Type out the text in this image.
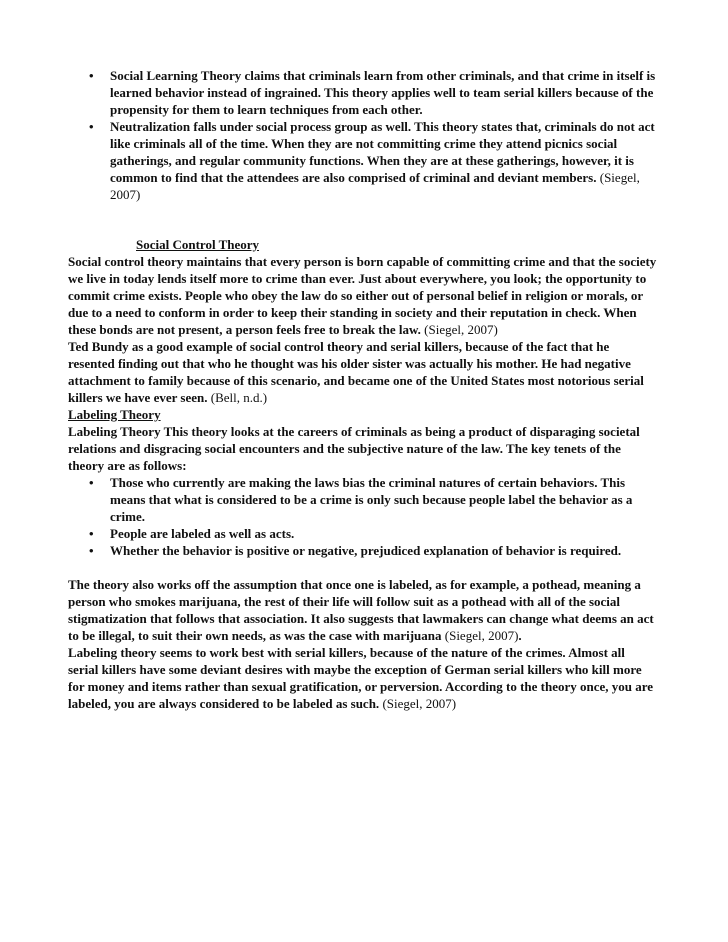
• Social Learning Theory claims that criminals learn from other criminals, and that crime in itself is learned behavior instead of ingrained. This theory applies well to team serial killers because of the propensity for them to learn techniques from each other.
• Neutralization falls under social process group as well. This theory states that, criminals do not act like criminals all of the time. When they are not committing crime they attend picnics social gatherings, and regular community functions. When they are at these gatherings, however, it is common to find that the attendees are also comprised of criminal and deviant members. (Siegel, 2007)

Social Control Theory

Social control theory maintains that every person is born capable of committing crime and that the society we live in today lends itself more to crime than ever. Just about everywhere, you look; the opportunity to commit crime exists. People who obey the law do so either out of personal belief in religion or morals, or due to a need to conform in order to keep their standing in society and their reputation in check. When these bonds are not present, a person feels free to break the law. (Siegel, 2007)

Ted Bundy as a good example of social control theory and serial killers, because of the fact that he resented finding out that who he thought was his older sister was actually his mother. He had negative attachment to family because of this scenario, and became one of the United States most notorious serial killers we have ever seen. (Bell, n.d.)

Labeling Theory

Labeling Theory This theory looks at the careers of criminals as being a product of disparaging societal relations and disgracing social encounters and the subjective nature of the law. The key tenets of the theory are as follows:

• Those who currently are making the laws bias the criminal natures of certain behaviors. This means that what is considered to be a crime is only such because people label the behavior as a crime.
• People are labeled as well as acts.
• Whether the behavior is positive or negative, prejudiced explanation of behavior is required.

The theory also works off the assumption that once one is labeled, as for example, a pothead, meaning a person who smokes marijuana, the rest of their life will follow suit as a pothead with all of the social stigmatization that follows that association. It also suggests that lawmakers can change what deems an act to be illegal, to suit their own needs, as was the case with marijuana (Siegel, 2007).

Labeling theory seems to work best with serial killers, because of the nature of the crimes. Almost all serial killers have some deviant desires with maybe the exception of German serial killers who kill more for money and items rather than sexual gratification, or perversion. According to the theory once, you are labeled, you are always considered to be labeled as such. (Siegel, 2007)
